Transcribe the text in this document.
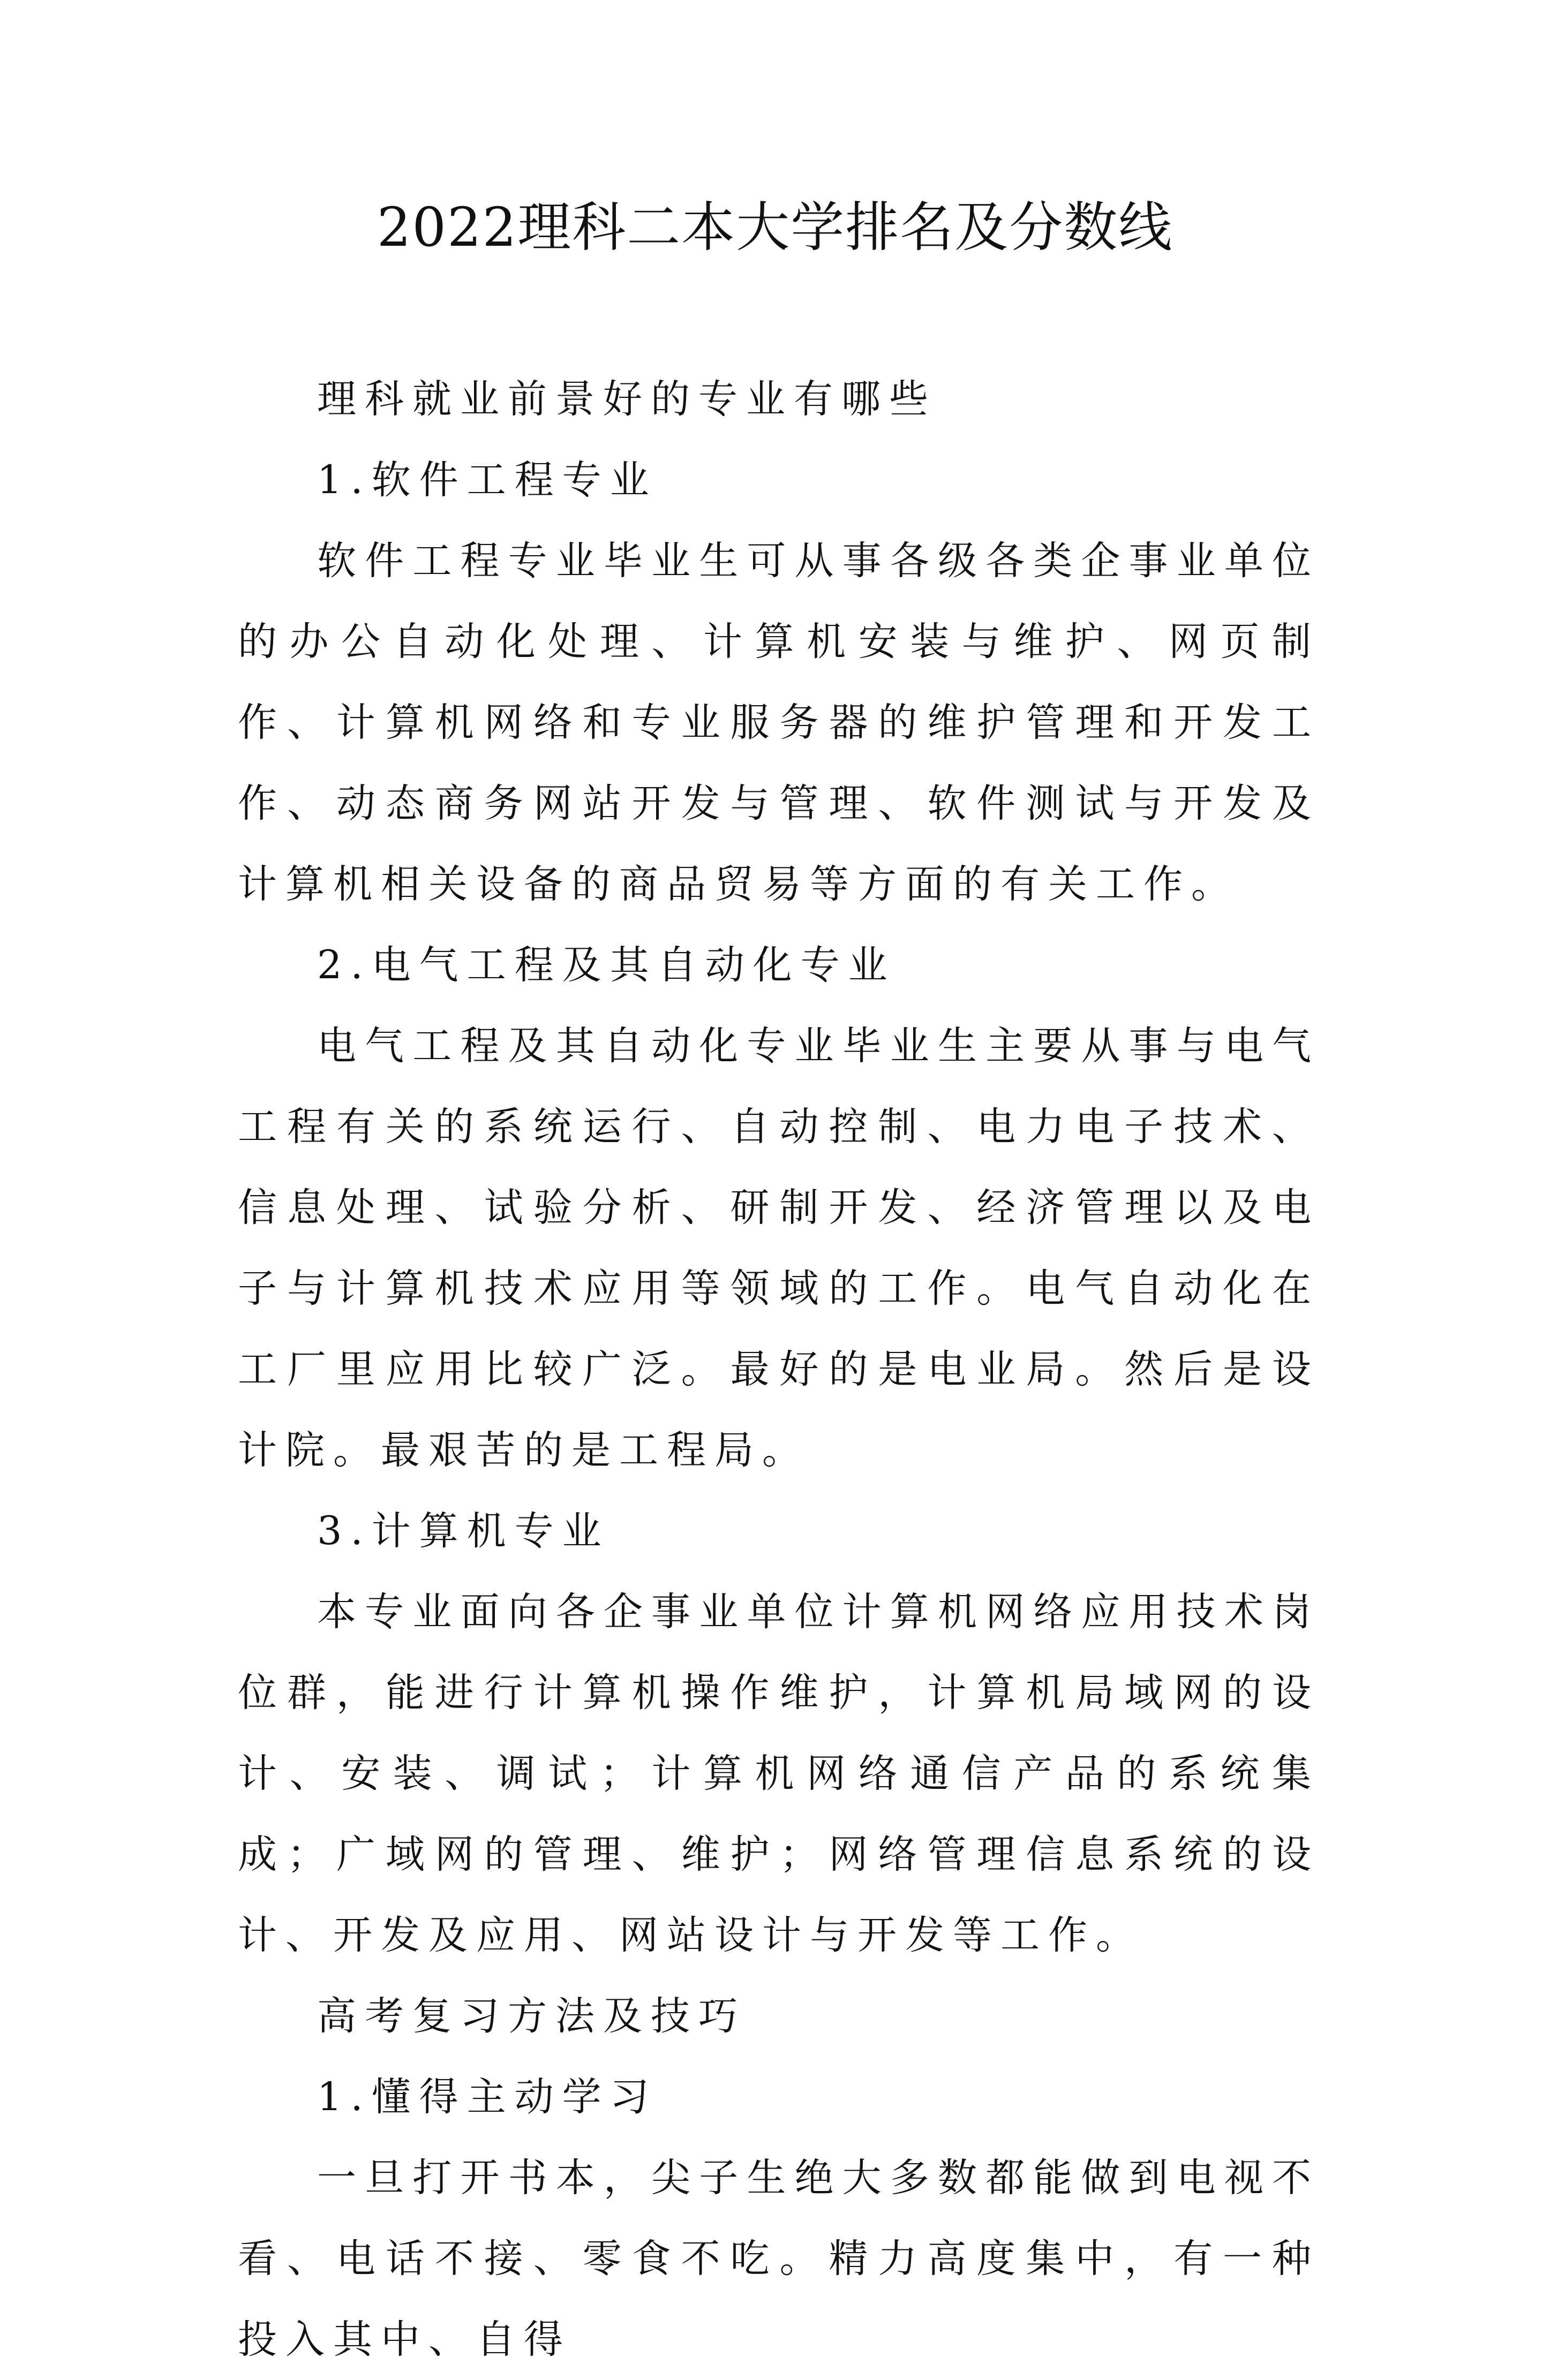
2022理科二本大学排名及分数线

理科就业前景好的专业有哪些

1.软件工程专业

软件工程专业毕业生可从事各级各类企事业单位的办公自动化处理、计算机安装与维护、网页制作、计算机网络和专业服务器的维护管理和开发工作、动态商务网站开发与管理、软件测试与开发及计算机相关设备的商品贸易等方面的有关工作。

2.电气工程及其自动化专业

电气工程及其自动化专业毕业生主要从事与电气工程有关的系统运行、自动控制、电力电子技术、信息处理、试验分析、研制开发、经济管理以及电子与计算机技术应用等领域的工作。电气自动化在工厂里应用比较广泛。最好的是电业局。然后是设计院。最艰苦的是工程局。

3.计算机专业

本专业面向各企事业单位计算机网络应用技术岗位群，能进行计算机操作维护，计算机局域网的设计、安装、调试；计算机网络通信产品的系统集成；广域网的管理、维护；网络管理信息系统的设计、开发及应用、网站设计与开发等工作。

高考复习方法及技巧

1.懂得主动学习

一旦打开书本，尖子生绝大多数都能做到电视不看、电话不接、零食不吃。精力高度集中，有一种投入其中、自得
